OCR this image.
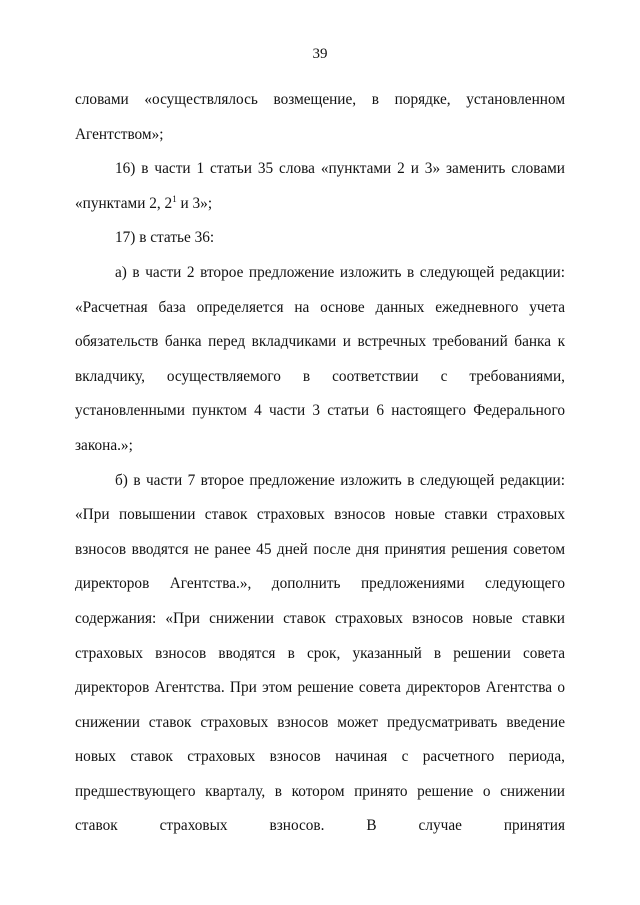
39

словами «осуществлялось возмещение, в порядке, установленном Агентством»;

16) в части 1 статьи 35 слова «пунктами 2 и 3» заменить словами «пунктами 2, $2^1$ и 3»;

17) в статье 36:

а) в части 2 второе предложение изложить в следующей редакции: «Расчетная база определяется на основе данных ежедневного учета обязательств банка перед вкладчиками и встречных требований банка к вкладчику, осуществляемого в соответствии с требованиями, установленными пунктом 4 части 3 статьи 6 настоящего Федерального закона.»;

б) в части 7 второе предложение изложить в следующей редакции: «При повышении ставок страховых взносов новые ставки страховых взносов вводятся не ранее 45 дней после дня принятия решения советом директоров Агентства.», дополнить предложениями следующего содержания: «При снижении ставок страховых взносов новые ставки страховых взносов вводятся в срок, указанный в решении совета директоров Агентства. При этом решение совета директоров Агентства о снижении ставок страховых взносов может предусматривать введение новых ставок страховых взносов начиная с расчетного периода, предшествующего кварталу, в котором принято решение о снижении ставок страховых взносов. В случае принятия
